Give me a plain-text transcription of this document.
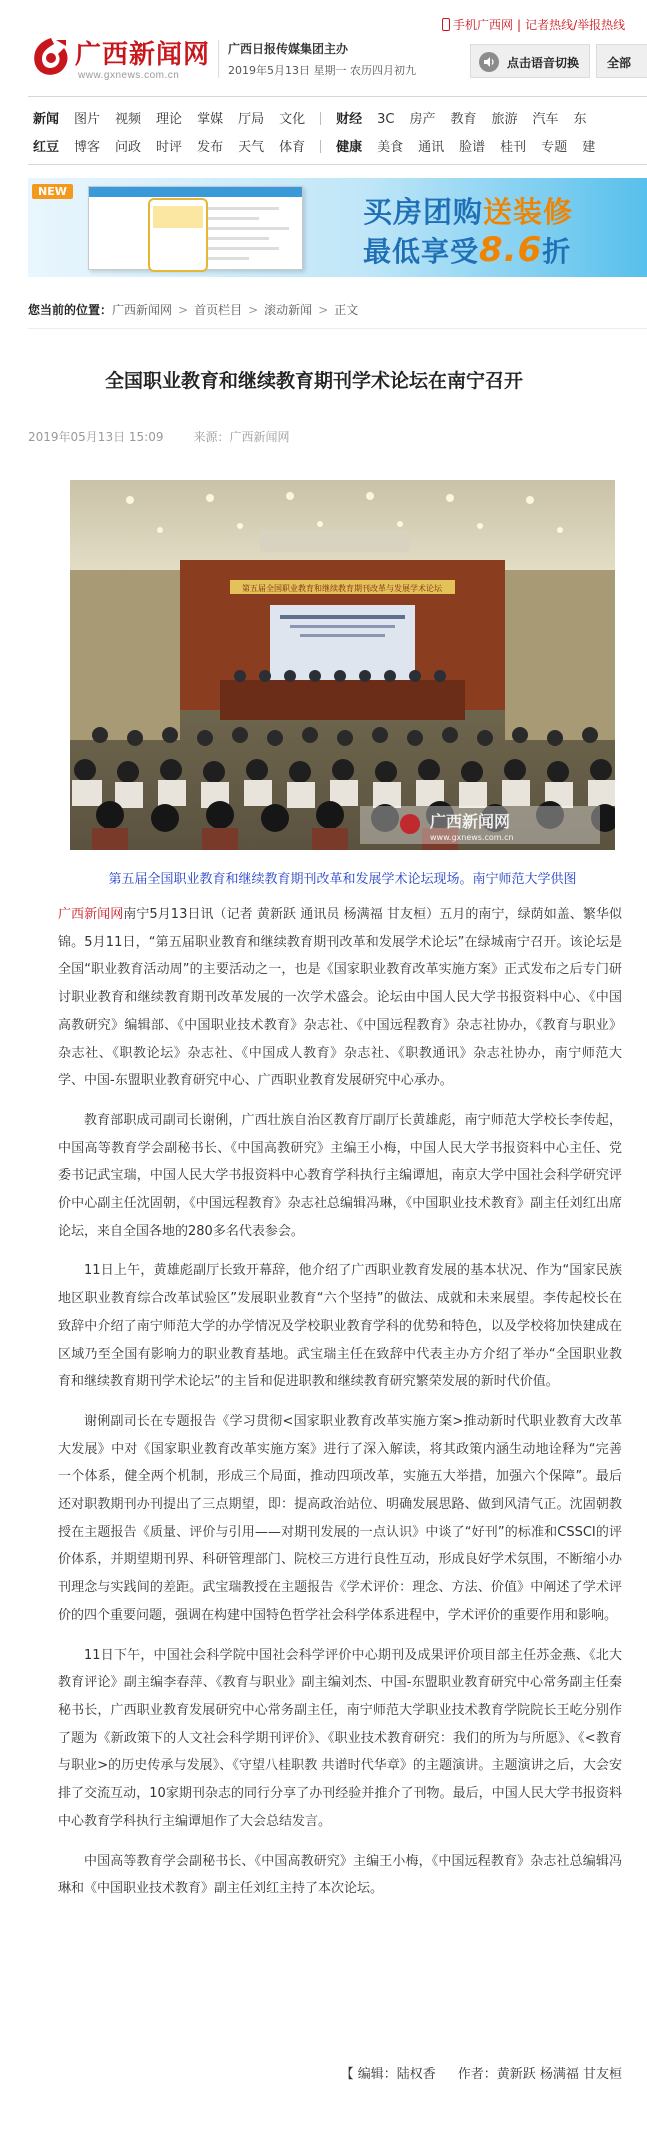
广西新闻网
www.gxnews.com.cn
广西日报传媒集团主办
2019年5月13日 星期一 农历四月初九
手机广西网 | 记者热线/举报热线
点击语音切换 全部
新闻 图片 视频 理论 掌媒 厅局 文化 财经 3C 房产 教育 旅游 汽车 东
红豆 博客 问政 时评 发布 天气 体育 健康 美食 通讯 脸谱 桂刊 专题 建
NEW
买房团购送装修
最低享受8.6折
您当前的位置：广西新闻网 > 首页栏目 > 滚动新闻 > 正文
全国职业教育和继续教育期刊学术论坛在南宁召开
2019年05月13日 15:09	来源：广西新闻网
第五届全国职业教育和继续教育期刊改革与发展学术论坛
广西新闻网
www.gxnews.com.cn
第五届全国职业教育和继续教育期刊改革和发展学术论坛现场。南宁师范大学供图

广西新闻网南宁5月13日讯（记者 黄新跃 通讯员 杨满福 甘友桓）五月的南宁，绿荫如盖、繁华似锦。5月11日，“第五届职业教育和继续教育期刊改革和发展学术论坛”在绿城南宁召开。该论坛是全国“职业教育活动周”的主要活动之一，也是《国家职业教育改革实施方案》正式发布之后专门研讨职业教育和继续教育期刊改革发展的一次学术盛会。论坛由中国人民大学书报资料中心、《中国高教研究》编辑部、《中国职业技术教育》杂志社、《中国远程教育》杂志社协办，《教育与职业》杂志社、《职教论坛》杂志社、《中国成人教育》杂志社、《职教通讯》杂志社协办，南宁师范大学、中国-东盟职业教育研究中心、广西职业教育发展研究中心承办。

教育部职成司副司长谢俐，广西壮族自治区教育厅副厅长黄雄彪，南宁师范大学校长李传起，中国高等教育学会副秘书长、《中国高教研究》主编王小梅，中国人民大学书报资料中心主任、党委书记武宝瑞，中国人民大学书报资料中心教育学科执行主编谭旭，南京大学中国社会科学研究评价中心副主任沈固朝，《中国远程教育》杂志社总编辑冯琳，《中国职业技术教育》副主任刘红出席论坛，来自全国各地的280多名代表参会。

11日上午，黄雄彪副厅长致开幕辞，他介绍了广西职业教育发展的基本状况、作为“国家民族地区职业教育综合改革试验区”发展职业教育“六个坚持”的做法、成就和未来展望。李传起校长在致辞中介绍了南宁师范大学的办学情况及学校职业教育学科的优势和特色，以及学校将加快建成在区域乃至全国有影响力的职业教育基地。武宝瑞主任在致辞中代表主办方介绍了举办“全国职业教育和继续教育期刊学术论坛”的主旨和促进职教和继续教育研究繁荣发展的新时代价值。

谢俐副司长在专题报告《学习贯彻<国家职业教育改革实施方案>推动新时代职业教育大改革大发展》中对《国家职业教育改革实施方案》进行了深入解读，将其政策内涵生动地诠释为“完善一个体系，健全两个机制，形成三个局面，推动四项改革，实施五大举措，加强六个保障”。最后还对职教期刊办刊提出了三点期望，即：提高政治站位、明确发展思路、做到风清气正。沈固朝教授在主题报告《质量、评价与引用——对期刊发展的一点认识》中谈了“好刊”的标准和CSSCI的评价体系，并期望期刊界、科研管理部门、院校三方进行良性互动，形成良好学术氛围，不断缩小办刊理念与实践间的差距。武宝瑞教授在主题报告《学术评价：理念、方法、价值》中阐述了学术评价的四个重要问题，强调在构建中国特色哲学社会科学体系进程中，学术评价的重要作用和影响。

11日下午，中国社会科学院中国社会科学评价中心期刊及成果评价项目部主任苏金燕、《北大教育评论》副主编李春萍、《教育与职业》副主编刘杰、中国-东盟职业教育研究中心常务副主任秦秘书长，广西职业教育发展研究中心常务副主任，南宁师范大学职业技术教育学院院长王屹分别作了题为《新政策下的人文社会科学期刊评价》、《职业技术教育研究：我们的所为与所愿》、《<教育与职业>的历史传承与发展》、《守望八桂职教 共谱时代华章》的主题演讲。主题演讲之后，大会安排了交流互动，10家期刊杂志的同行分享了办刊经验并推介了刊物。最后，中国人民大学书报资料中心教育学科执行主编谭旭作了大会总结发言。

中国高等教育学会副秘书长、《中国高教研究》主编王小梅，《中国远程教育》杂志社总编辑冯琳和《中国职业技术教育》副主任刘红主持了本次论坛。

【 编辑：陆权香 作者：黄新跃 杨满福 甘友桓
